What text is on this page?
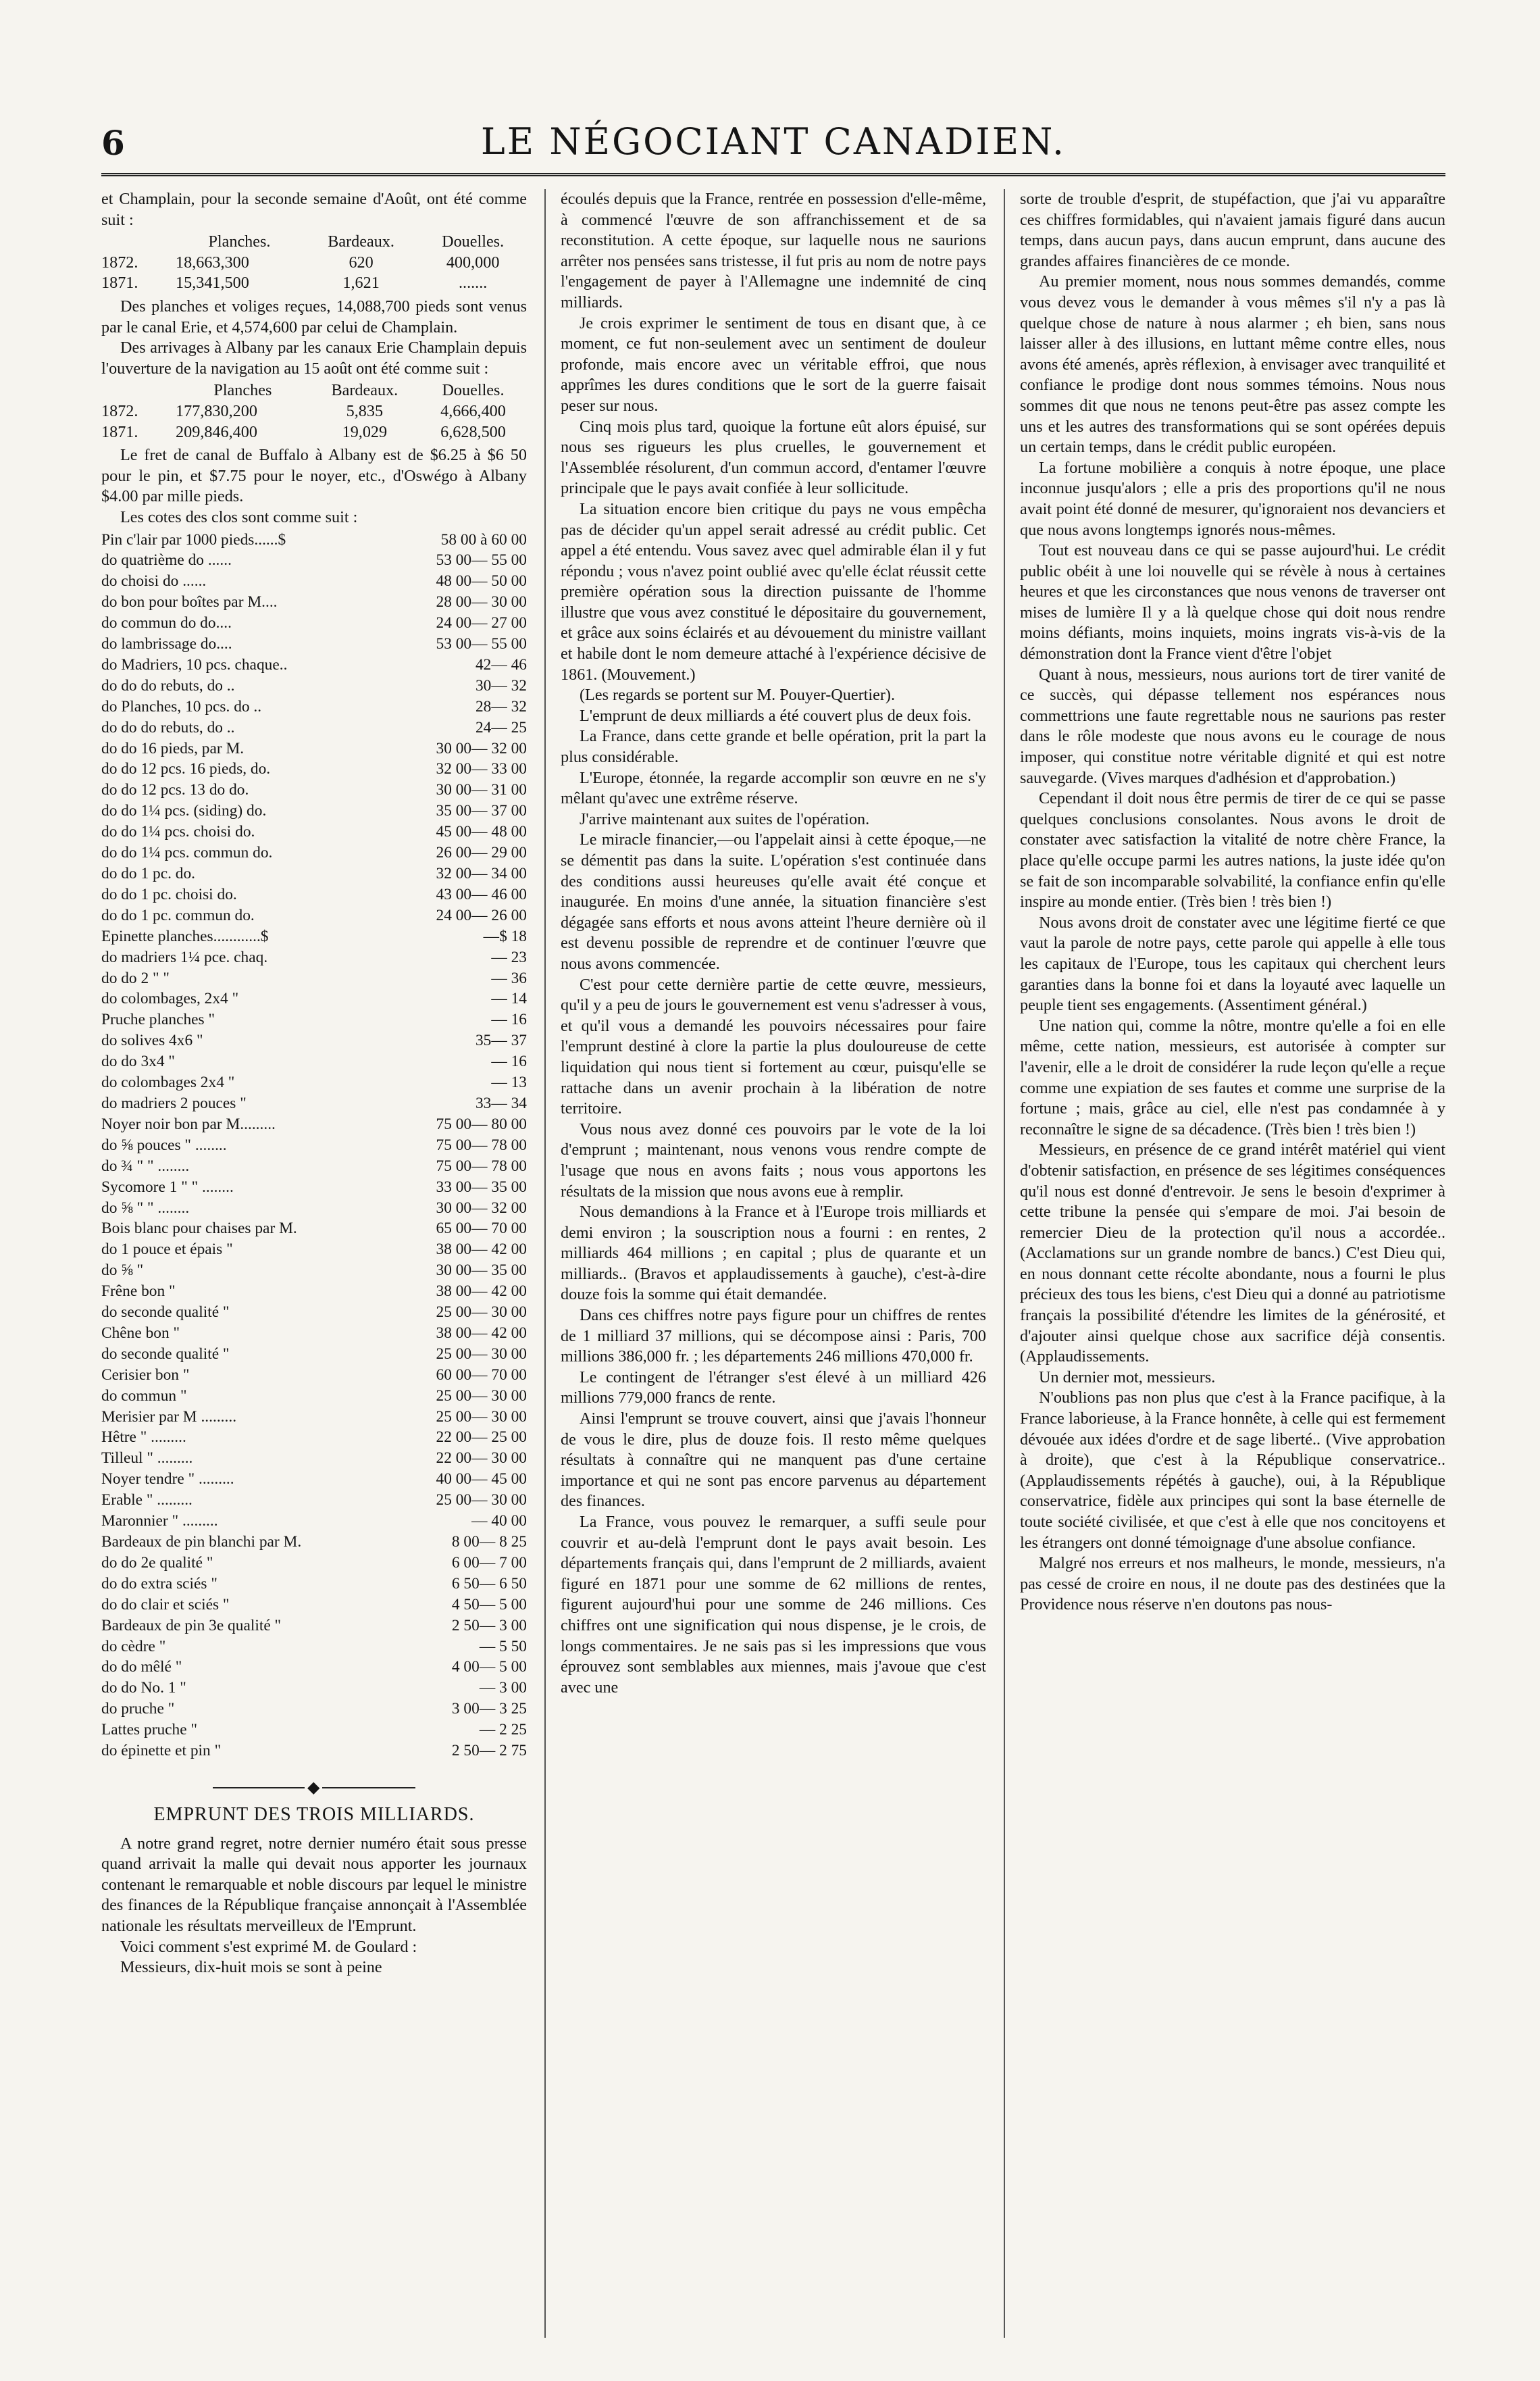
6	LE NÉGOCIANT CANADIEN.

et Champlain, pour la seconde semaine d'Août, ont été comme suit :

	Planches.	Bardeaux.	Douelles.
1872.	18,663,300	620	400,000
1871.	15,341,500	1,621	.......

Des planches et voliges reçues, 14,088,700 pieds sont venus par le canal Erie, et 4,574,600 par celui de Champlain.

Des arrivages à Albany par les canaux Erie Champlain depuis l'ouverture de la navigation au 15 août ont été comme suit :

	Planches	Bardeaux.	Douelles.
1872.	177,830,200	5,835	4,666,400
1871.	209,846,400	19,029	6,628,500

Le fret de canal de Buffalo à Albany est de $6.25 à $6 50 pour le pin, et $7.75 pour le noyer, etc., d'Oswégo à Albany $4.00 par mille pieds.

Les cotes des clos sont comme suit :

Pin c'lair par 1000 pieds......$	58 00 à 60 00
do quatrième do ......	53 00— 55 00
do choisi do ......	48 00— 50 00
do bon pour boîtes par M....	28 00— 30 00
do commun do do....	24 00— 27 00
do lambrissage do....	53 00— 55 00
do Madriers, 10 pcs. chaque..	42— 46
do do do rebuts, do ..	30— 32
do Planches, 10 pcs. do ..	28— 32
do do do rebuts, do ..	24— 25
do do 16 pieds, par M.	30 00— 32 00
do do 12 pcs. 16 pieds, do.	32 00— 33 00
do do 12 pcs. 13 do do.	30 00— 31 00
do do 1¼ pcs. (siding) do.	35 00— 37 00
do do 1¼ pcs. choisi do.	45 00— 48 00
do do 1¼ pcs. commun do.	26 00— 29 00
do do 1 pc. do.	32 00— 34 00
do do 1 pc. choisi do.	43 00— 46 00
do do 1 pc. commun do.	24 00— 26 00
Epinette planches............$	—$ 18
do madriers 1¼ pce. chaq.	— 23
do do 2 " "	— 36
do colombages, 2x4 "	— 14
Pruche planches "	— 16
do solives 4x6 "	35— 37
do do 3x4 "	— 16
do colombages 2x4 "	— 13
do madriers 2 pouces "	33— 34
Noyer noir bon par M.........	75 00— 80 00
do ⅝ pouces " ........	75 00— 78 00
do ¾ " " ........	75 00— 78 00
Sycomore 1 " " ........	33 00— 35 00
do ⅝ " " ........	30 00— 32 00
Bois blanc pour chaises par M.	65 00— 70 00
do 1 pouce et épais "	38 00— 42 00
do ⅝ "	30 00— 35 00
Frêne bon "	38 00— 42 00
do seconde qualité "	25 00— 30 00
Chêne bon "	38 00— 42 00
do seconde qualité "	25 00— 30 00
Cerisier bon "	60 00— 70 00
do commun "	25 00— 30 00
Merisier par M .........	25 00— 30 00
Hêtre " .........	22 00— 25 00
Tilleul " .........	22 00— 30 00
Noyer tendre " .........	40 00— 45 00
Erable " .........	25 00— 30 00
Maronnier " .........	— 40 00
Bardeaux de pin blanchi par M.	8 00— 8 25
do do 2e qualité "	6 00— 7 00
do do extra sciés "	6 50— 6 50
do do clair et sciés "	4 50— 5 00
Bardeaux de pin 3e qualité "	2 50— 3 00
do cèdre "	— 5 50
do do mêlé "	4 00— 5 00
do do No. 1 "	— 3 00
do pruche "	3 00— 3 25
Lattes pruche "	— 2 25
do épinette et pin "	2 50— 2 75
◆

EMPRUNT DES TROIS MILLIARDS.

A notre grand regret, notre dernier numéro était sous presse quand arrivait la malle qui devait nous apporter les journaux contenant le remarquable et noble discours par lequel le ministre des finances de la République française annonçait à l'Assemblée nationale les résultats merveilleux de l'Emprunt.

Voici comment s'est exprimé M. de Goulard :

Messieurs, dix-huit mois se sont à peine

écoulés depuis que la France, rentrée en possession d'elle-même, à commencé l'œuvre de son affranchissement et de sa reconstitution. A cette époque, sur laquelle nous ne saurions arrêter nos pensées sans tristesse, il fut pris au nom de notre pays l'engagement de payer à l'Allemagne une indemnité de cinq milliards.

Je crois exprimer le sentiment de tous en disant que, à ce moment, ce fut non-seulement avec un sentiment de douleur profonde, mais encore avec un véritable effroi, que nous apprîmes les dures conditions que le sort de la guerre faisait peser sur nous.

Cinq mois plus tard, quoique la fortune eût alors épuisé, sur nous ses rigueurs les plus cruelles, le gouvernement et l'Assemblée résolurent, d'un commun accord, d'entamer l'œuvre principale que le pays avait confiée à leur sollicitude.

La situation encore bien critique du pays ne vous empêcha pas de décider qu'un appel serait adressé au crédit public. Cet appel a été entendu. Vous savez avec quel admirable élan il y fut répondu ; vous n'avez point oublié avec qu'elle éclat réussit cette première opération sous la direction puissante de l'homme illustre que vous avez constitué le dépositaire du gouvernement, et grâce aux soins éclairés et au dévouement du ministre vaillant et habile dont le nom demeure attaché à l'expérience décisive de 1861. (Mouvement.)

(Les regards se portent sur M. Pouyer-Quertier).

L'emprunt de deux milliards a été couvert plus de deux fois.

La France, dans cette grande et belle opération, prit la part la plus considérable.

L'Europe, étonnée, la regarde accomplir son œuvre en ne s'y mêlant qu'avec une extrême réserve.

J'arrive maintenant aux suites de l'opération.

Le miracle financier,—ou l'appelait ainsi à cette époque,—ne se démentit pas dans la suite. L'opération s'est continuée dans des conditions aussi heureuses qu'elle avait été conçue et inaugurée. En moins d'une année, la situation financière s'est dégagée sans efforts et nous avons atteint l'heure dernière où il est devenu possible de reprendre et de continuer l'œuvre que nous avons commencée.

C'est pour cette dernière partie de cette œuvre, messieurs, qu'il y a peu de jours le gouvernement est venu s'adresser à vous, et qu'il vous a demandé les pouvoirs nécessaires pour faire l'emprunt destiné à clore la partie la plus douloureuse de cette liquidation qui nous tient si fortement au cœur, puisqu'elle se rattache dans un avenir prochain à la libération de notre territoire.

Vous nous avez donné ces pouvoirs par le vote de la loi d'emprunt ; maintenant, nous venons vous rendre compte de l'usage que nous en avons faits ; nous vous apportons les résultats de la mission que nous avons eue à remplir.

Nous demandions à la France et à l'Europe trois milliards et demi environ ; la souscription nous a fourni : en rentes, 2 milliards 464 millions ; en capital ; plus de quarante et un milliards.. (Bravos et applaudissements à gauche), c'est-à-dire douze fois la somme qui était demandée.

Dans ces chiffres notre pays figure pour un chiffres de rentes de 1 milliard 37 millions, qui se décompose ainsi : Paris, 700 millions 386,000 fr. ; les départements 246 millions 470,000 fr.

Le contingent de l'étranger s'est élevé à un milliard 426 millions 779,000 francs de rente.

Ainsi l'emprunt se trouve couvert, ainsi que j'avais l'honneur de vous le dire, plus de douze fois. Il resto même quelques résultats à connaître qui ne manquent pas d'une certaine importance et qui ne sont pas encore parvenus au département des finances.

La France, vous pouvez le remarquer, a suffi seule pour couvrir et au-delà l'emprunt dont le pays avait besoin. Les départements français qui, dans l'emprunt de 2 milliards, avaient figuré en 1871 pour une somme de 62 millions de rentes, figurent aujourd'hui pour une somme de 246 millions. Ces chiffres ont une signification qui nous dispense, je le crois, de longs commentaires. Je ne sais pas si les impressions que vous éprouvez sont semblables aux miennes, mais j'avoue que c'est avec une

sorte de trouble d'esprit, de stupéfaction, que j'ai vu apparaître ces chiffres formidables, qui n'avaient jamais figuré dans aucun temps, dans aucun pays, dans aucun emprunt, dans aucune des grandes affaires financières de ce monde.

Au premier moment, nous nous sommes demandés, comme vous devez vous le demander à vous mêmes s'il n'y a pas là quelque chose de nature à nous alarmer ; eh bien, sans nous laisser aller à des illusions, en luttant même contre elles, nous avons été amenés, après réflexion, à envisager avec tranquilité et confiance le prodige dont nous sommes témoins. Nous nous sommes dit que nous ne tenons peut-être pas assez compte les uns et les autres des transformations qui se sont opérées depuis un certain temps, dans le crédit public européen.

La fortune mobilière a conquis à notre époque, une place inconnue jusqu'alors ; elle a pris des proportions qu'il ne nous avait point été donné de mesurer, qu'ignoraient nos devanciers et que nous avons longtemps ignorés nous-mêmes.

Tout est nouveau dans ce qui se passe aujourd'hui. Le crédit public obéit à une loi nouvelle qui se révèle à nous à certaines heures et que les circonstances que nous venons de traverser ont mises de lumière Il y a là quelque chose qui doit nous rendre moins défiants, moins inquiets, moins ingrats vis-à-vis de la démonstration dont la France vient d'être l'objet

Quant à nous, messieurs, nous aurions tort de tirer vanité de ce succès, qui dépasse tellement nos espérances nous commettrions une faute regrettable nous ne saurions pas rester dans le rôle modeste que nous avons eu le courage de nous imposer, qui constitue notre véritable dignité et qui est notre sauvegarde. (Vives marques d'adhésion et d'approbation.)

Cependant il doit nous être permis de tirer de ce qui se passe quelques conclusions consolantes. Nous avons le droit de constater avec satisfaction la vitalité de notre chère France, la place qu'elle occupe parmi les autres nations, la juste idée qu'on se fait de son incomparable solvabilité, la confiance enfin qu'elle inspire au monde entier. (Très bien ! très bien !)

Nous avons droit de constater avec une légitime fierté ce que vaut la parole de notre pays, cette parole qui appelle à elle tous les capitaux de l'Europe, tous les capitaux qui cherchent leurs garanties dans la bonne foi et dans la loyauté avec laquelle un peuple tient ses engagements. (Assentiment général.)

Une nation qui, comme la nôtre, montre qu'elle a foi en elle même, cette nation, messieurs, est autorisée à compter sur l'avenir, elle a le droit de considérer la rude leçon qu'elle a reçue comme une expiation de ses fautes et comme une surprise de la fortune ; mais, grâce au ciel, elle n'est pas condamnée à y reconnaître le signe de sa décadence. (Très bien ! très bien !)

Messieurs, en présence de ce grand intérêt matériel qui vient d'obtenir satisfaction, en présence de ses légitimes conséquences qu'il nous est donné d'entrevoir. Je sens le besoin d'exprimer à cette tribune la pensée qui s'empare de moi. J'ai besoin de remercier Dieu de la protection qu'il nous a accordée.. (Acclamations sur un grande nombre de bancs.) C'est Dieu qui, en nous donnant cette récolte abondante, nous a fourni le plus précieux des tous les biens, c'est Dieu qui a donné au patriotisme français la possibilité d'étendre les limites de la générosité, et d'ajouter ainsi quelque chose aux sacrifice déjà consentis. (Applaudissements.

Un dernier mot, messieurs.

N'oublions pas non plus que c'est à la France pacifique, à la France laborieuse, à la France honnête, à celle qui est fermement dévouée aux idées d'ordre et de sage liberté.. (Vive approbation à droite), que c'est à la République conservatrice.. (Applaudissements répétés à gauche), oui, à la République conservatrice, fidèle aux principes qui sont la base éternelle de toute société civilisée, et que c'est à elle que nos concitoyens et les étrangers ont donné témoignage d'une absolue confiance.

Malgré nos erreurs et nos malheurs, le monde, messieurs, n'a pas cessé de croire en nous, il ne doute pas des destinées que la Providence nous réserve n'en doutons pas nous-
